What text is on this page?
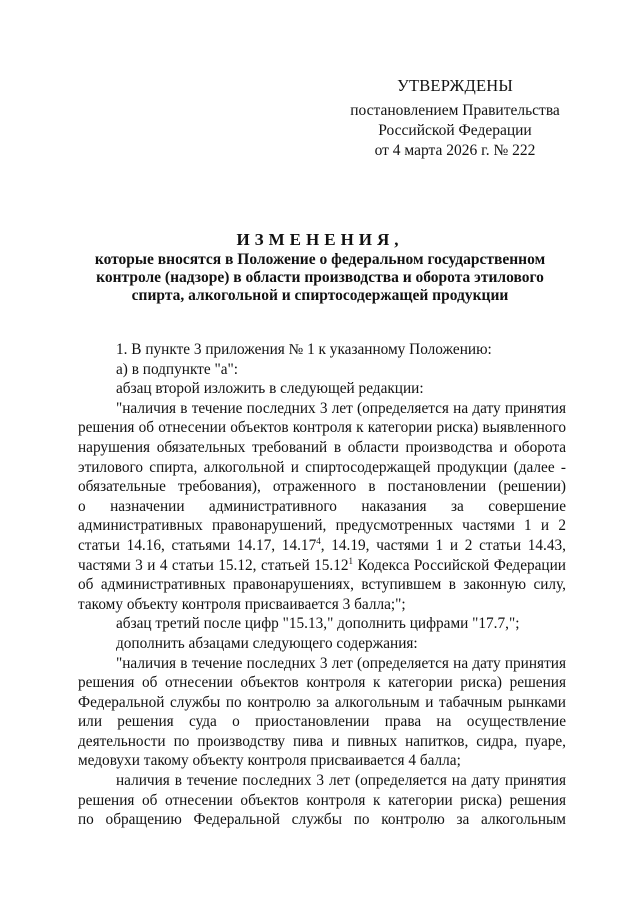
УТВЕРЖДЕНЫ
постановлением Правительства
Российской Федерации
от 4 марта 2026 г. № 222
ИЗМЕНЕНИЯ,
которые вносятся в Положение о федеральном государственном
контроле (надзоре) в области производства и оборота этилового
спирта, алкогольной и спиртосодержащей продукции
1. В пункте 3 приложения № 1 к указанному Положению:
а) в подпункте "а":
абзац второй изложить в следующей редакции:
"наличия в течение последних 3 лет (определяется на дату принятия
решения об отнесении объектов контроля к категории риска) выявленного
нарушения обязательных требований в области производства и оборота
этилового спирта, алкогольной и спиртосодержащей продукции (далее -
обязательные требования), отраженного в постановлении (решении)
о назначении административного наказания за совершение
административных правонарушений, предусмотренных частями 1 и 2
статьи 14.16, статьями 14.17, 14.17$^4$, 14.19, частями 1 и 2 статьи 14.43,
частями 3 и 4 статьи 15.12, статьей 15.12$^1$ Кодекса Российской Федерации
об административных правонарушениях, вступившем в законную силу,
такому объекту контроля присваивается 3 балла;";
абзац третий после цифр "15.13," дополнить цифрами "17.7,";
дополнить абзацами следующего содержания:
"наличия в течение последних 3 лет (определяется на дату принятия
решения об отнесении объектов контроля к категории риска) решения
Федеральной службы по контролю за алкогольным и табачным рынками
или решения суда о приостановлении права на осуществление
деятельности по производству пива и пивных напитков, сидра, пуаре,
медовухи такому объекту контроля присваивается 4 балла;
наличия в течение последних 3 лет (определяется на дату принятия
решения об отнесении объектов контроля к категории риска) решения
по обращению Федеральной службы по контролю за алкогольным
